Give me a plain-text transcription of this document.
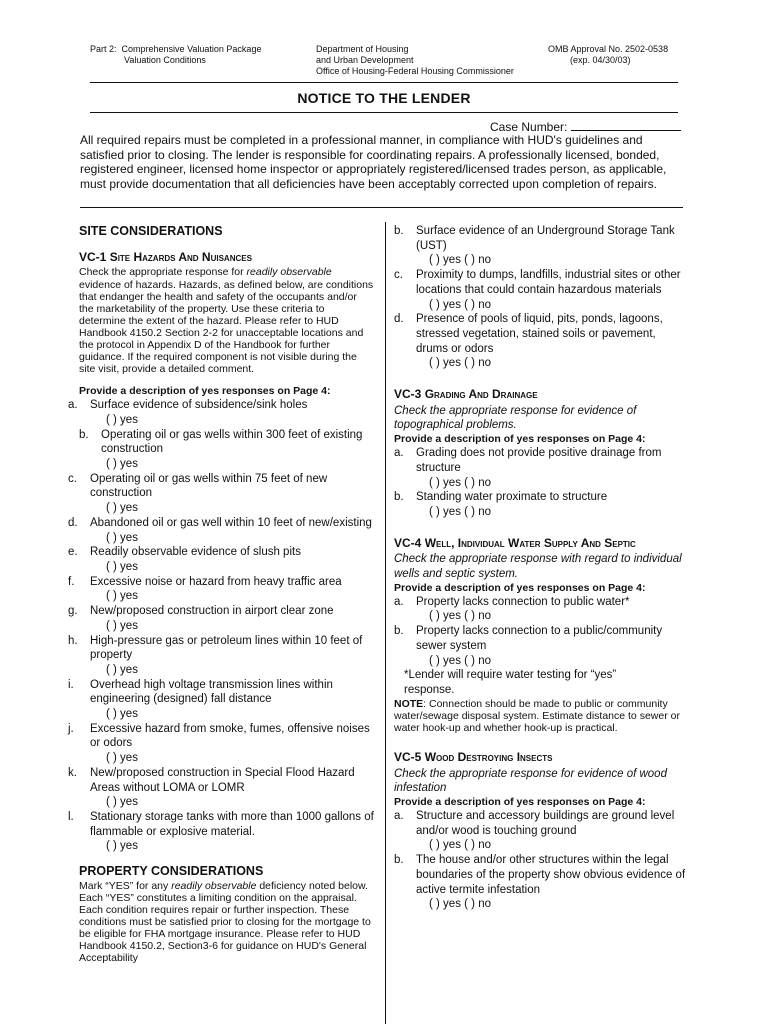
Part 2: Comprehensive Valuation Package
Valuation Conditions
Department of Housing
and Urban Development
Office of Housing-Federal Housing Commissioner
OMB Approval No. 2502-0538
(exp. 04/30/03)
NOTICE TO THE LENDER
Case Number:
All required repairs must be completed in a professional manner, in compliance with HUD's guidelines and satisfied prior to closing. The lender is responsible for coordinating repairs. A professionally licensed, bonded, registered engineer, licensed home inspector or appropriately registered/licensed trades person, as applicable, must provide documentation that all deficiencies have been acceptably corrected upon completion of repairs.
SITE CONSIDERATIONS
VC-1 Site Hazards And Nuisances
Check the appropriate response for readily observable evidence of hazards. Hazards, as defined below, are conditions that endanger the health and safety of the occupants and/or the marketability of the property. Use these criteria to determine the extent of the hazard. Please refer to HUD Handbook 4150.2 Section 2-2 for unacceptable locations and the protocol in Appendix D of the Handbook for further guidance. If the required component is not visible during the site visit, provide a detailed comment.
Provide a description of yes responses on Page 4:
a.	Surface evidence of subsidence/sink holes
( ) yes
b.	Operating oil or gas wells within 300 feet of existing construction
( ) yes
c.	Operating oil or gas wells within 75 feet of new construction
( ) yes
d.	Abandoned oil or gas well within 10 feet of new/existing
( ) yes
e.	Readily observable evidence of slush pits
( ) yes
f.	Excessive noise or hazard from heavy traffic area
( ) yes
g.	New/proposed construction in airport clear zone
( ) yes
h.	High-pressure gas or petroleum lines within 10 feet of property
( ) yes
i.	Overhead high voltage transmission lines within engineering (designed) fall distance
( ) yes
j.	Excessive hazard from smoke, fumes, offensive noises or odors
( ) yes
k.	New/proposed construction in Special Flood Hazard Areas without LOMA or LOMR
( ) yes
l.	Stationary storage tanks with more than 1000 gallons of flammable or explosive material.
( ) yes
PROPERTY CONSIDERATIONS
Mark “YES” for any readily observable deficiency noted below. Each “YES” constitutes a limiting condition on the appraisal. Each condition requires repair or further inspection. These conditions must be satisfied prior to closing for the mortgage to be eligible for FHA mortgage insurance. Please refer to HUD Handbook 4150.2, Section3-6 for guidance on HUD's General Acceptability
b.	Surface evidence of an Underground Storage Tank (UST)
( ) yes ( ) no
c.	Proximity to dumps, landfills, industrial sites or other locations that could contain hazardous materials
( ) yes ( ) no
d.	Presence of pools of liquid, pits, ponds, lagoons, stressed vegetation, stained soils or pavement, drums or odors
( ) yes ( ) no
VC-3 Grading And Drainage
Check the appropriate response for evidence of topographical problems.
Provide a description of yes responses on Page 4:
a.	Grading does not provide positive drainage from structure
( ) yes ( ) no
b.	Standing water proximate to structure
( ) yes ( ) no
VC-4 Well, Individual Water Supply And Septic
Check the appropriate response with regard to individual wells and septic system.
Provide a description of yes responses on Page 4:
a.	Property lacks connection to public water*
( ) yes ( ) no
b.	Property lacks connection to a public/community sewer system
( ) yes ( ) no
*Lender will require water testing for “yes” response.
NOTE: Connection should be made to public or community water/sewage disposal system. Estimate distance to sewer or water hook-up and whether hook-up is practical.
VC-5 Wood Destroying Insects
Check the appropriate response for evidence of wood infestation
Provide a description of yes responses on Page 4:
a.	Structure and accessory buildings are ground level and/or wood is touching ground
( ) yes ( ) no
b.	The house and/or other structures within the legal boundaries of the property show obvious evidence of active termite infestation
( ) yes ( ) no
